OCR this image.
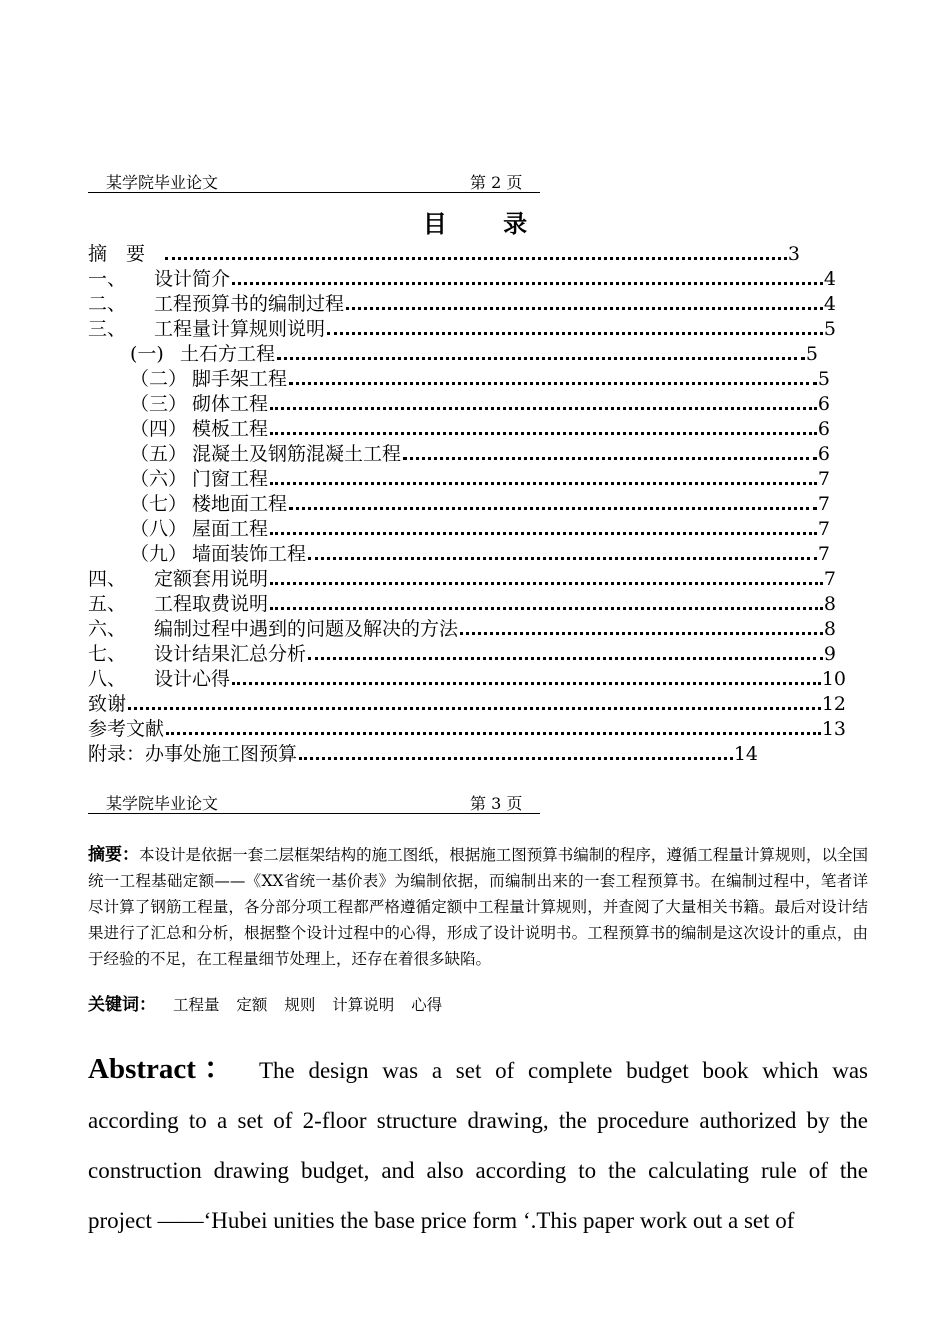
某学院毕业论文	第 2 页
目 录
摘　要	3
一、 设计简介	4
二、 工程预算书的编制过程	4
三、 工程量计算规则说明	5
(一) 土石方工程	5
（二） 脚手架工程	5
（三） 砌体工程	6
（四） 模板工程	6
（五） 混凝土及钢筋混凝土工程	6
（六） 门窗工程	7
（七） 楼地面工程	7
（八） 屋面工程	7
（九） 墙面装饰工程	7
四、 定额套用说明	7
五、 工程取费说明	8
六、 编制过程中遇到的问题及解决的方法	8
七、 设计结果汇总分析	9
八、 设计心得	10
致谢	12
参考文献	13
附录：办事处施工图预算	14
某学院毕业论文	第 3 页
摘要：本设计是依据一套二层框架结构的施工图纸，根据施工图预算书编制的程序，遵循工程量计算规则，以全国统一工程基础定额——《XX省统一基价表》为编制依据，而编制出来的一套工程预算书。在编制过程中，笔者详尽计算了钢筋工程量，各分部分项工程都严格遵循定额中工程量计算规则，并查阅了大量相关书籍。最后对设计结果进行了汇总和分析，根据整个设计过程中的心得，形成了设计说明书。工程预算书的编制是这次设计的重点，由于经验的不足，在工程量细节处理上，还存在着很多缺陷。
关键词： 工程量 定额 规则 计算说明 心得
Abstract： The design was a set of complete budget book which was according to a set of 2-floor structure drawing, the procedure authorized by the construction drawing budget, and also according to the calculating rule of the project ——‘Hubei unities the base price form ‘.This paper work out a set of
